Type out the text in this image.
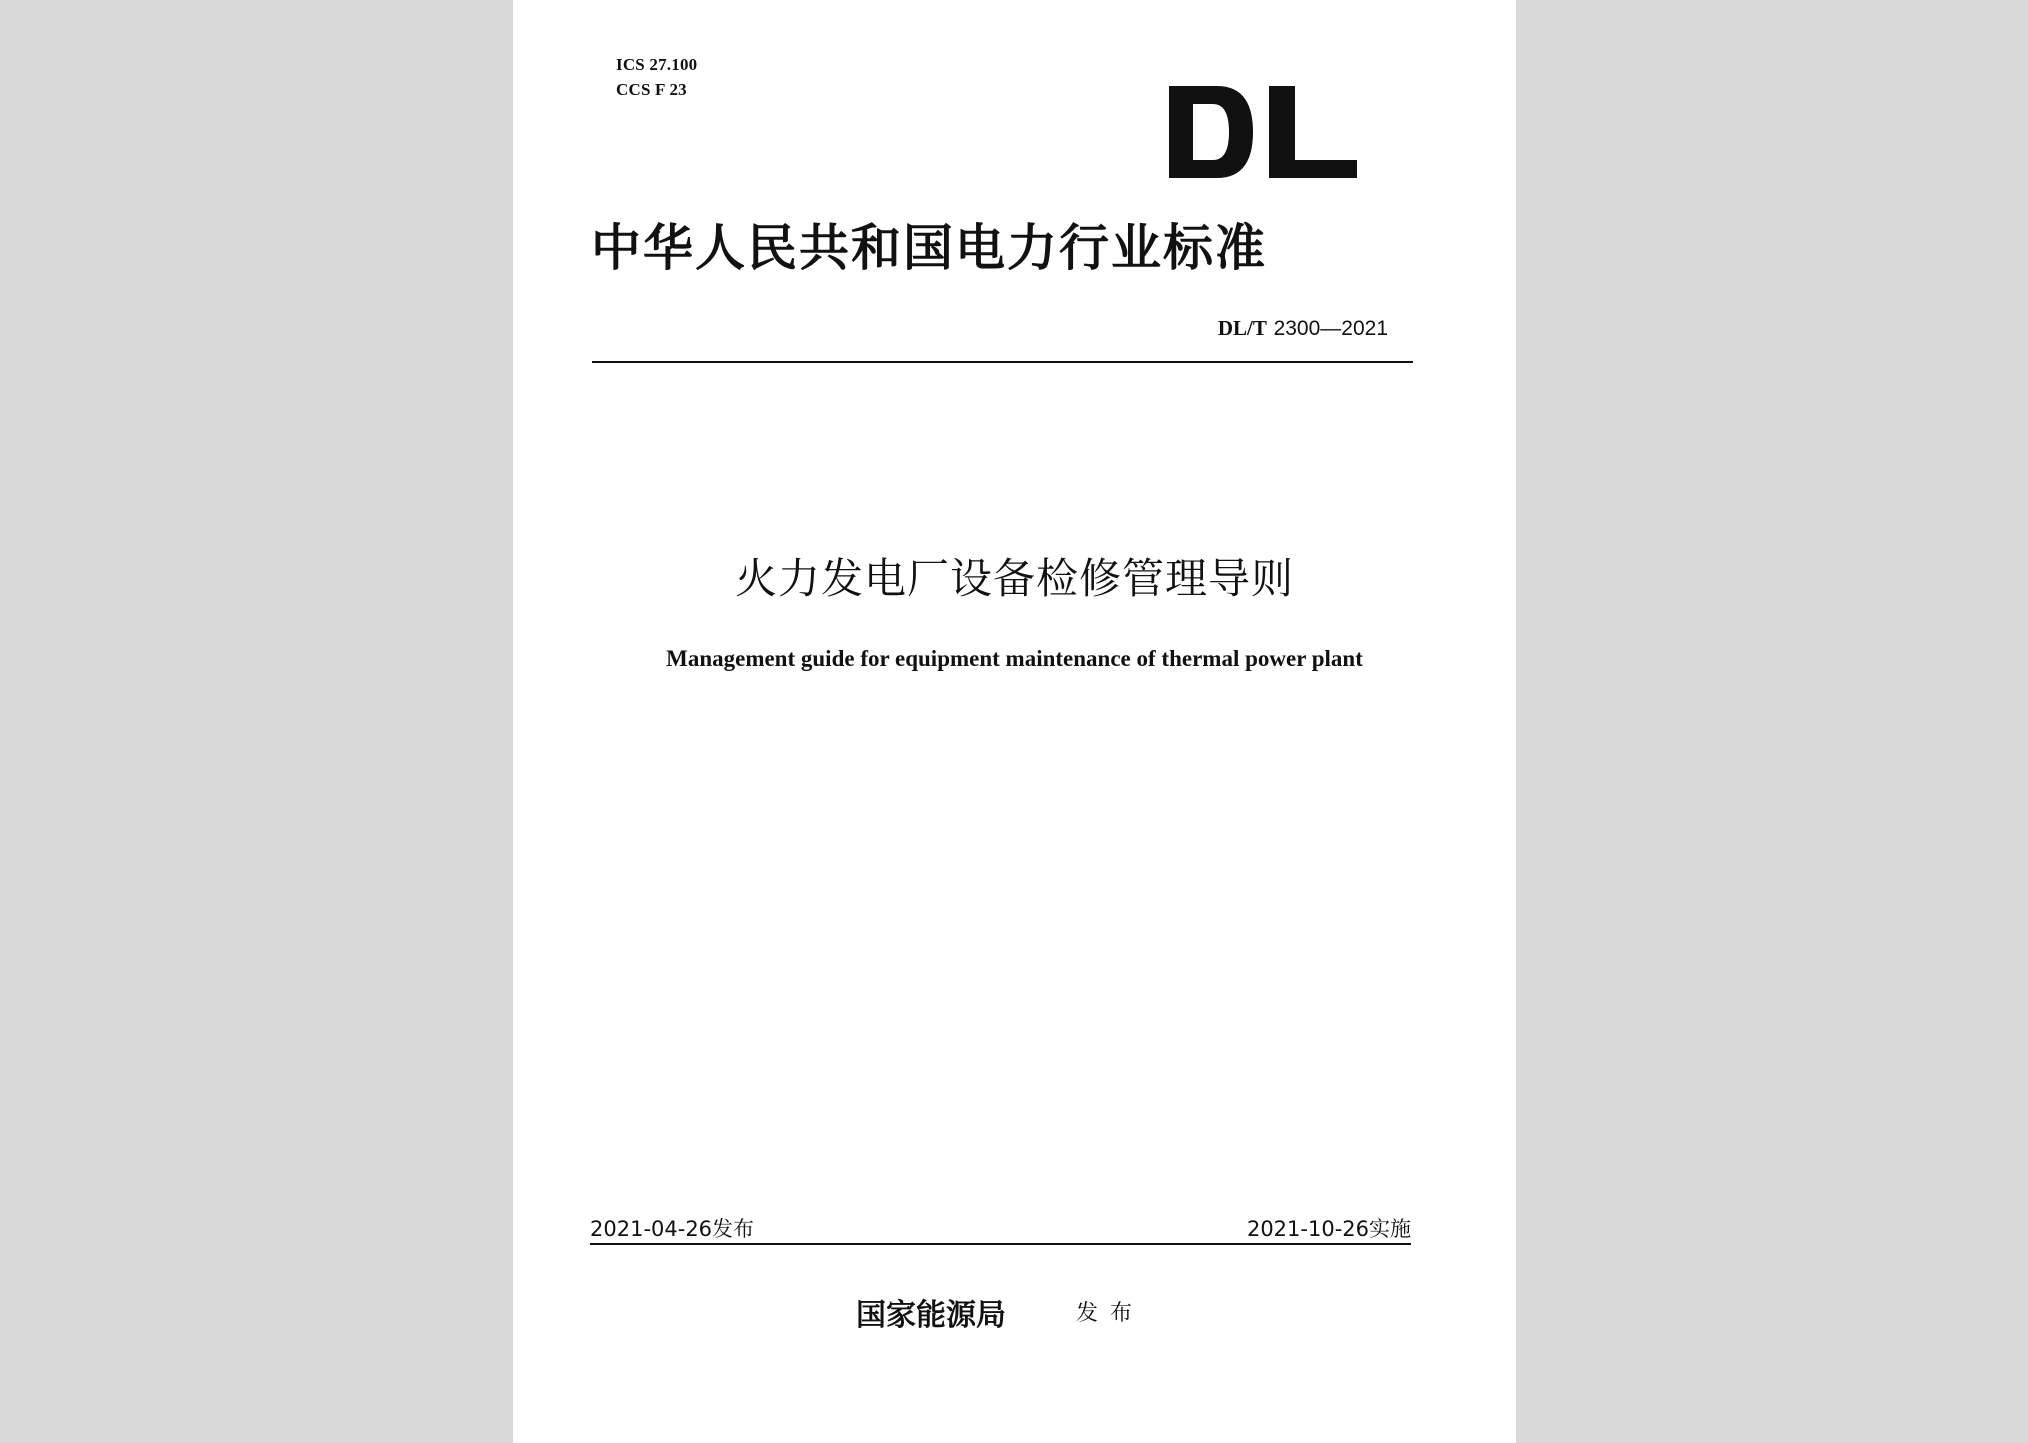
ICS 27.100
CCS F 23
中华人民共和国电力行业标准
DL/T 2300—2021
火力发电厂设备检修管理导则
Management guide for equipment maintenance of thermal power plant
2021-04-26发布	2021-10-26实施
国家能源局	发布
